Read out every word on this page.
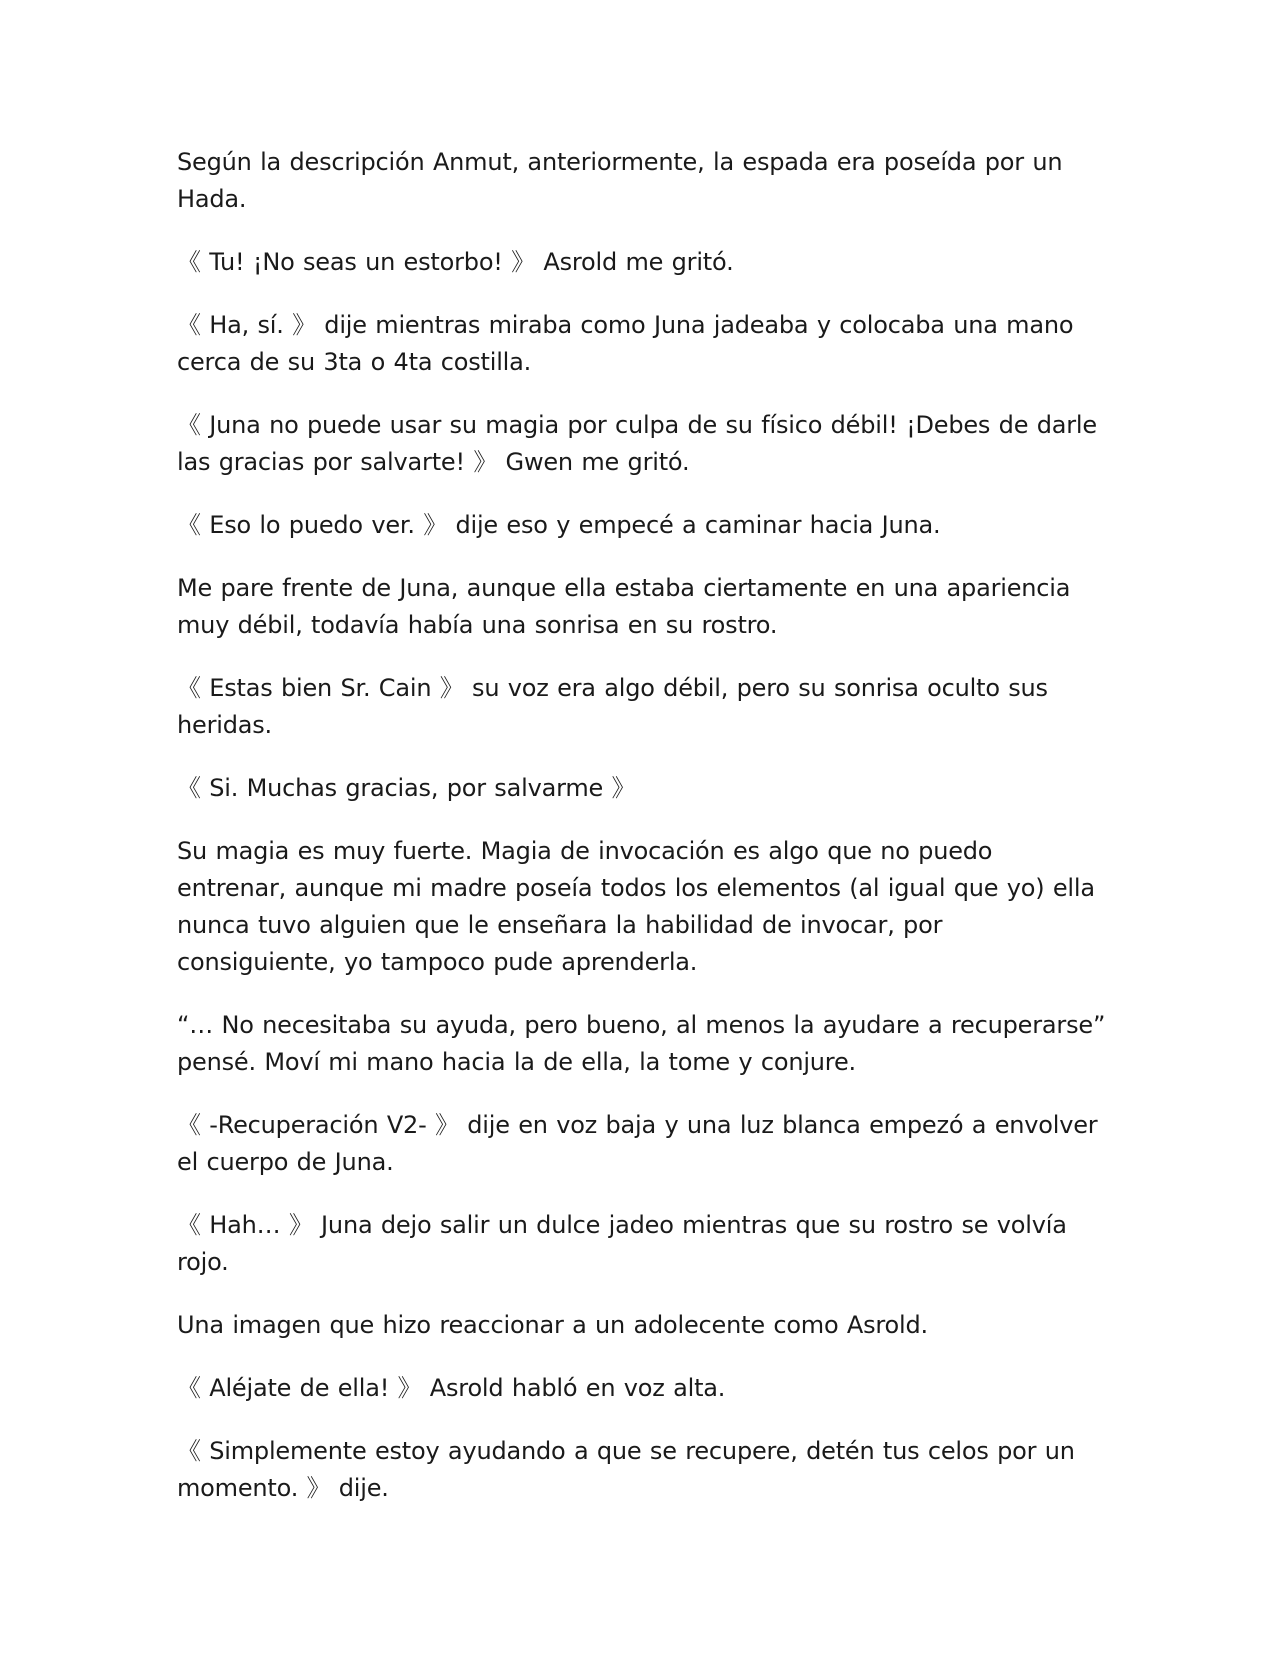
Según la descripción Anmut, anteriormente, la espada era poseída por un Hada.

《 Tu! ¡No seas un estorbo! 》 Asrold me gritó.

《 Ha, sí. 》 dije mientras miraba como Juna jadeaba y colocaba una mano cerca de su 3ta o 4ta costilla.

《 Juna no puede usar su magia por culpa de su físico débil! ¡Debes de darle las gracias por salvarte! 》 Gwen me gritó.

《 Eso lo puedo ver. 》 dije eso y empecé a caminar hacia Juna.

Me pare frente de Juna, aunque ella estaba ciertamente en una apariencia muy débil, todavía había una sonrisa en su rostro.

《 Estas bien Sr. Cain 》 su voz era algo débil, pero su sonrisa oculto sus heridas.

《 Si. Muchas gracias, por salvarme 》

Su magia es muy fuerte. Magia de invocación es algo que no puedo entrenar, aunque mi madre poseía todos los elementos (al igual que yo) ella nunca tuvo alguien que le enseñara la habilidad de invocar, por consiguiente, yo tampoco pude aprenderla.

“… No necesitaba su ayuda, pero bueno, al menos la ayudare a recuperarse” pensé. Moví mi mano hacia la de ella, la tome y conjure.

《 -Recuperación V2- 》 dije en voz baja y una luz blanca empezó a envolver el cuerpo de Juna.

《 Hah… 》 Juna dejo salir un dulce jadeo mientras que su rostro se volvía rojo.

Una imagen que hizo reaccionar a un adolecente como Asrold.

《 Aléjate de ella! 》 Asrold habló en voz alta.

《 Simplemente estoy ayudando a que se recupere, detén tus celos por un momento. 》 dije.
